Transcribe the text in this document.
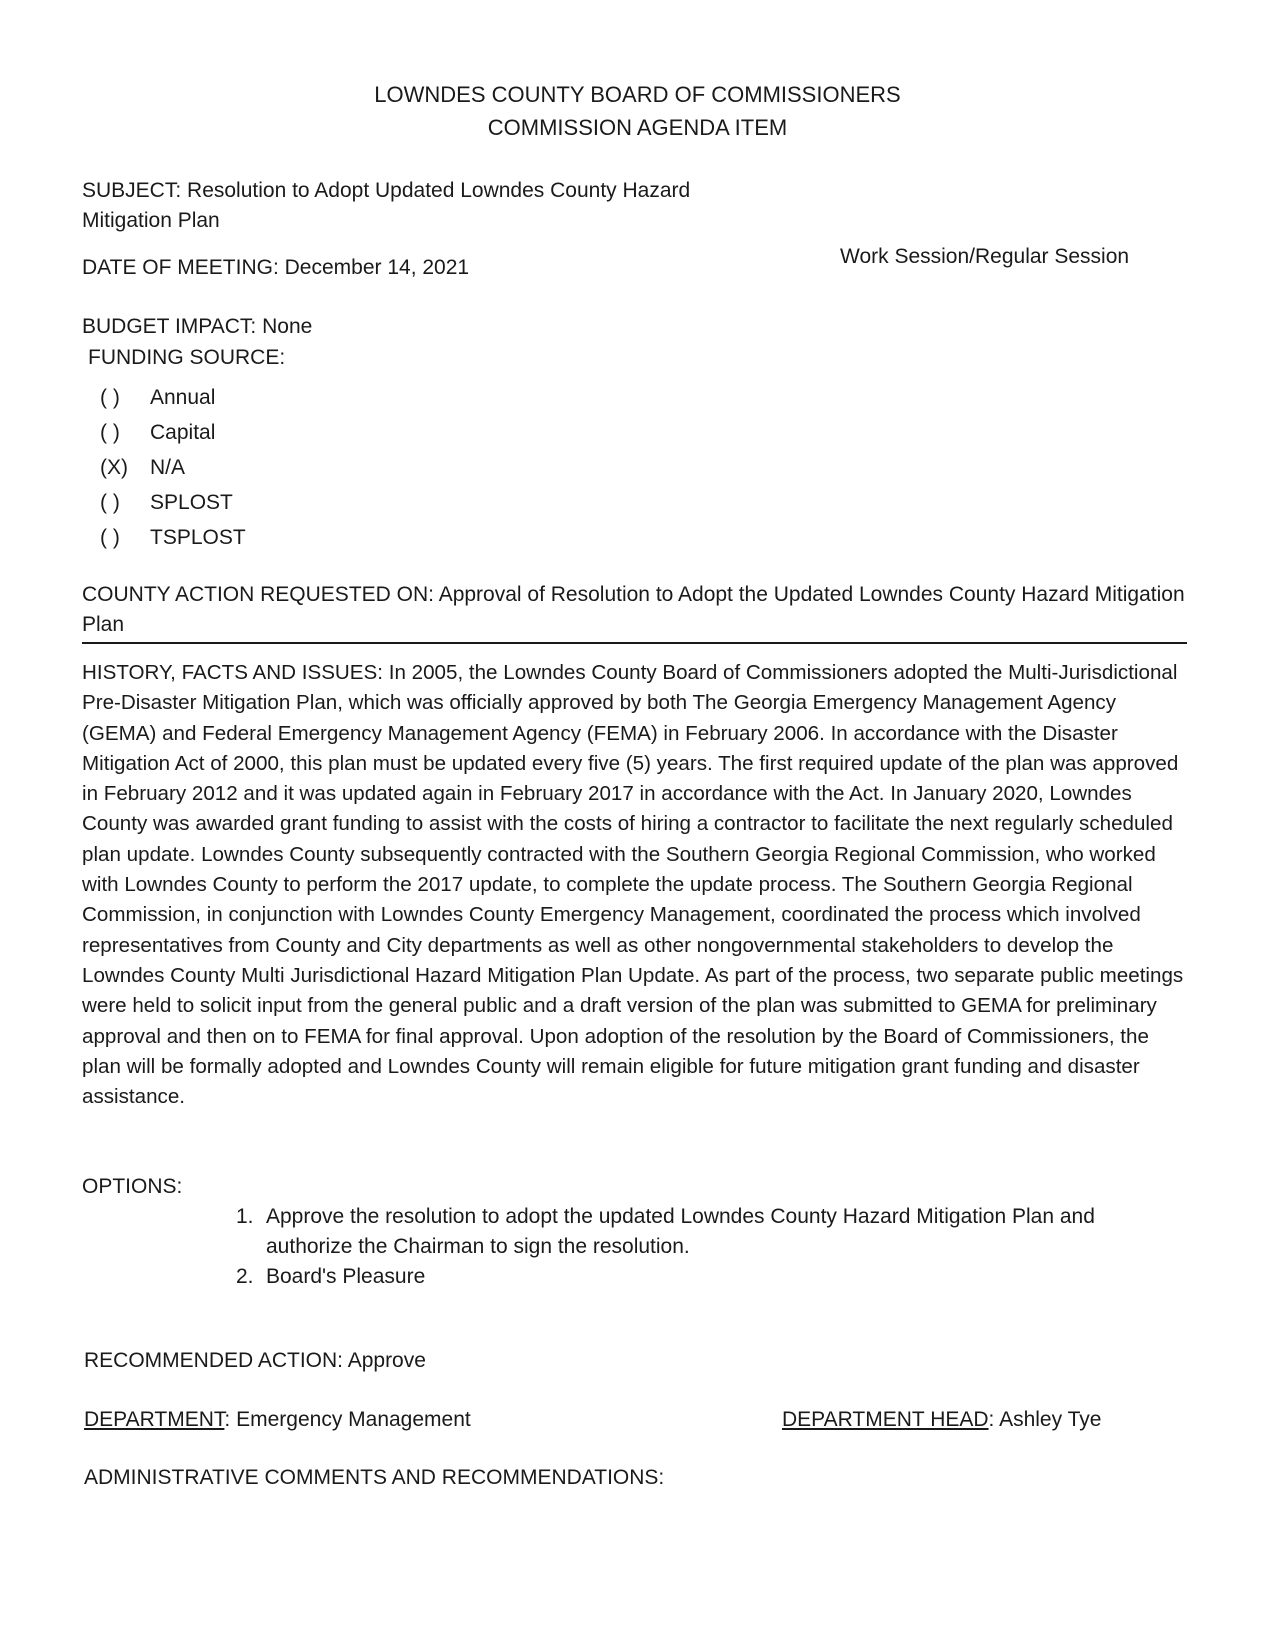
LOWNDES COUNTY BOARD OF COMMISSIONERS
COMMISSION AGENDA ITEM
SUBJECT: Resolution to Adopt Updated Lowndes County Hazard Mitigation Plan
DATE OF MEETING: December 14, 2021	Work Session/Regular Session
BUDGET IMPACT: None
FUNDING SOURCE:
( )	Annual
( )	Capital
(X)	N/A
( )	SPLOST
( )	TSPLOST
COUNTY ACTION REQUESTED ON: Approval of Resolution to Adopt the Updated Lowndes County Hazard Mitigation Plan
HISTORY, FACTS AND ISSUES: In 2005, the Lowndes County Board of Commissioners adopted the Multi-Jurisdictional Pre-Disaster Mitigation Plan, which was officially approved by both The Georgia Emergency Management Agency (GEMA) and Federal Emergency Management Agency (FEMA) in February 2006. In accordance with the Disaster Mitigation Act of 2000, this plan must be updated every five (5) years. The first required update of the plan was approved in February 2012 and it was updated again in February 2017 in accordance with the Act. In January 2020, Lowndes County was awarded grant funding to assist with the costs of hiring a contractor to facilitate the next regularly scheduled plan update. Lowndes County subsequently contracted with the Southern Georgia Regional Commission, who worked with Lowndes County to perform the 2017 update, to complete the update process. The Southern Georgia Regional Commission, in conjunction with Lowndes County Emergency Management, coordinated the process which involved representatives from County and City departments as well as other nongovernmental stakeholders to develop the Lowndes County Multi Jurisdictional Hazard Mitigation Plan Update. As part of the process, two separate public meetings were held to solicit input from the general public and a draft version of the plan was submitted to GEMA for preliminary approval and then on to FEMA for final approval. Upon adoption of the resolution by the Board of Commissioners, the plan will be formally adopted and Lowndes County will remain eligible for future mitigation grant funding and disaster assistance.
OPTIONS:
1. Approve the resolution to adopt the updated Lowndes County Hazard Mitigation Plan and authorize the Chairman to sign the resolution.
2. Board's Pleasure
RECOMMENDED ACTION: Approve
DEPARTMENT: Emergency Management	DEPARTMENT HEAD: Ashley Tye
ADMINISTRATIVE COMMENTS AND RECOMMENDATIONS:
